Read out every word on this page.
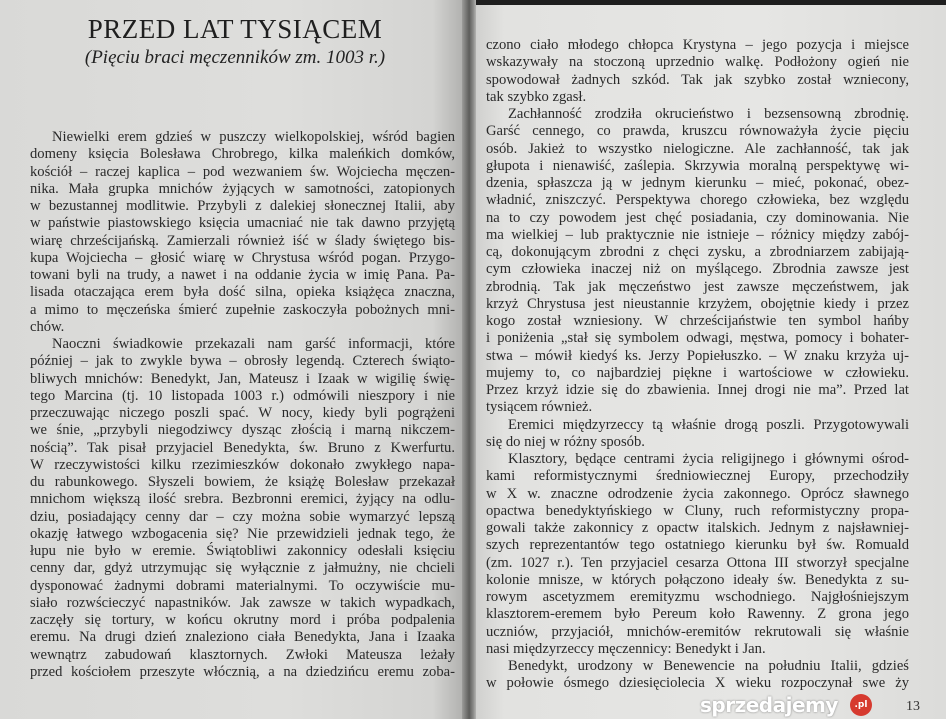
PRZED LAT TYSIĄCEM
(Pięciu braci męczenników zm. 1003 r.)
Niewielki erem gdzieś w puszczy wielkopolskiej, wśród bagien
domeny księcia Bolesława Chrobrego, kilka maleńkich domków,
kościół – raczej kaplica – pod wezwaniem św. Wojciecha męczen-
nika. Mała grupka mnichów żyjących w samotności, zatopionych
w bezustannej modlitwie. Przybyli z dalekiej słonecznej Italii, aby
w państwie piastowskiego księcia umacniać nie tak dawno przyjętą
wiarę chrześcijańską. Zamierzali również iść w ślady świętego bis-
kupa Wojciecha – głosić wiarę w Chrystusa wśród pogan. Przygo-
towani byli na trudy, a nawet i na oddanie życia w imię Pana. Pa-
lisada otaczająca erem była dość silna, opieka książęca znaczna,
a mimo to męczeńska śmierć zupełnie zaskoczyła pobożnych mni-
chów.
Naoczni świadkowie przekazali nam garść informacji, które
później – jak to zwykle bywa – obrosły legendą. Czterech świąto-
bliwych mnichów: Benedykt, Jan, Mateusz i Izaak w wigilię świę-
tego Marcina (tj. 10 listopada 1003 r.) odmówili nieszpory i nie
przeczuwając niczego poszli spać. W nocy, kiedy byli pogrążeni
we śnie, „przybyli niegodziwcy dysząc złością i marną nikczem-
nością”. Tak pisał przyjaciel Benedykta, św. Bruno z Kwerfurtu.
W rzeczywistości kilku rzezimieszków dokonało zwykłego napa-
du rabunkowego. Słyszeli bowiem, że książę Bolesław przekazał
mnichom większą ilość srebra. Bezbronni eremici, żyjący na odlu-
dziu, posiadający cenny dar – czy można sobie wymarzyć lepszą
okazję łatwego wzbogacenia się? Nie przewidzieli jednak tego, że
łupu nie było w eremie. Świątobliwi zakonnicy odesłali księciu
cenny dar, gdyż utrzymując się wyłącznie z jałmużny, nie chcieli
dysponować żadnymi dobrami materialnymi. To oczywiście mu-
siało rozwścieczyć napastników. Jak zawsze w takich wypadkach,
zaczęły się tortury, w końcu okrutny mord i próba podpalenia
eremu. Na drugi dzień znaleziono ciała Benedykta, Jana i Izaaka
wewnątrz zabudowań klasztornych. Zwłoki Mateusza leżały
przed kościołem przeszyte włócznią, a na dziedzińcu eremu zoba-
czono ciało młodego chłopca Krystyna – jego pozycja i miejsce
wskazywały na stoczoną uprzednio walkę. Podłożony ogień nie
spowodował żadnych szkód. Tak jak szybko został wzniecony,
tak szybko zgasł.
Zachłanność zrodziła okrucieństwo i bezsensowną zbrodnię.
Garść cennego, co prawda, kruszcu równoważyła życie pięciu
osób. Jakież to wszystko nielogiczne. Ale zachłanność, tak jak
głupota i nienawiść, zaślepia. Skrzywia moralną perspektywę wi-
dzenia, spłaszcza ją w jednym kierunku – mieć, pokonać, obez-
władnić, zniszczyć. Perspektywa chorego człowieka, bez względu
na to czy powodem jest chęć posiadania, czy dominowania. Nie
ma wielkiej – lub praktycznie nie istnieje – różnicy między zabój-
cą, dokonującym zbrodni z chęci zysku, a zbrodniarzem zabijają-
cym człowieka inaczej niż on myślącego. Zbrodnia zawsze jest
zbrodnią. Tak jak męczeństwo jest zawsze męczeństwem, jak
krzyż Chrystusa jest nieustannie krzyżem, obojętnie kiedy i przez
kogo został wzniesiony. W chrześcijaństwie ten symbol hańby
i poniżenia „stał się symbolem odwagi, męstwa, pomocy i bohater-
stwa – mówił kiedyś ks. Jerzy Popiełuszko. – W znaku krzyża uj-
mujemy to, co najbardziej piękne i wartościowe w człowieku.
Przez krzyż idzie się do zbawienia. Innej drogi nie ma”. Przed lat
tysiącem również.
Eremici międzyrzeccy tą właśnie drogą poszli. Przygotowywali
się do niej w różny sposób.
Klasztory, będące centrami życia religijnego i głównymi ośrod-
kami reformistycznymi średniowiecznej Europy, przechodziły
w X w. znaczne odrodzenie życia zakonnego. Oprócz sławnego
opactwa benedyktyńskiego w Cluny, ruch reformistyczny propa-
gowali także zakonnicy z opactw italskich. Jednym z najsławniej-
szych reprezentantów tego ostatniego kierunku był św. Romuald
(zm. 1027 r.). Ten przyjaciel cesarza Ottona III stworzył specjalne
kolonie mnisze, w których połączono ideały św. Benedykta z su-
rowym ascetyzmem eremityzmu wschodniego. Najgłośniejszym
klasztorem-eremem było Pereum koło Rawenny. Z grona jego
uczniów, przyjaciół, mnichów-eremitów rekrutowali się właśnie
nasi międzyrzeccy męczennicy: Benedykt i Jan.
Benedykt, urodzony w Benewencie na południu Italii, gdzieś
w połowie ósmego dziesięciolecia X wieku rozpoczynał swe ży
13
sprzedajemy	.pl
